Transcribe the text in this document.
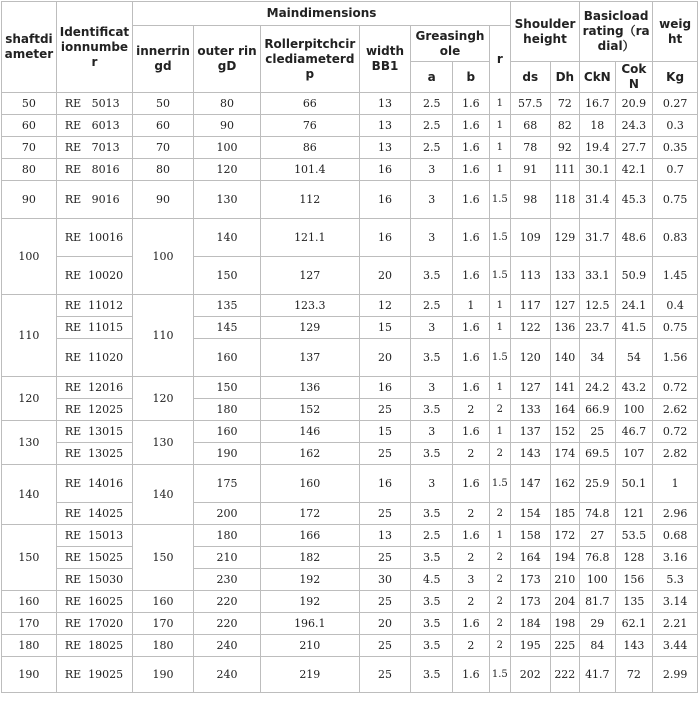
shaftdiameter	Identificationnumber	Maindimensions							Shoulderheight		Basicloadrating（radial）		weight
		innerringd	outer ringD	Rollerpitchcirclediameterdp	widthBB1	Greasinghole		r					
						a	b		ds	Dh	CkN	CokN	Kg
50	RE   5013	50	80	66	13	2.5	1.6	1	57.5	72	16.7	20.9	0.27
60	RE   6013	60	90	76	13	2.5	1.6	1	68	82	18	24.3	0.3
70	RE   7013	70	100	86	13	2.5	1.6	1	78	92	19.4	27.7	0.35
80	RE   8016	80	120	101.4	16	3	1.6	1	91	111	30.1	42.1	0.7
90	RE   9016	90	130	112	16	3	1.6	1.5	98	118	31.4	45.3	0.75
100	RE  10016	100	140	121.1	16	3	1.6	1.5	109	129	31.7	48.6	0.83
	RE  10020		150	127	20	3.5	1.6	1.5	113	133	33.1	50.9	1.45
110	RE  11012	110	135	123.3	12	2.5	1	1	117	127	12.5	24.1	0.4
	RE  11015		145	129	15	3	1.6	1	122	136	23.7	41.5	0.75
	RE  11020		160	137	20	3.5	1.6	1.5	120	140	34	54	1.56
120	RE  12016	120	150	136	16	3	1.6	1	127	141	24.2	43.2	0.72
	RE  12025		180	152	25	3.5	2	2	133	164	66.9	100	2.62
130	RE  13015	130	160	146	15	3	1.6	1	137	152	25	46.7	0.72
	RE  13025		190	162	25	3.5	2	2	143	174	69.5	107	2.82
140	RE  14016	140	175	160	16	3	1.6	1.5	147	162	25.9	50.1	1
	RE  14025		200	172	25	3.5	2	2	154	185	74.8	121	2.96
150	RE  15013	150	180	166	13	2.5	1.6	1	158	172	27	53.5	0.68
	RE  15025		210	182	25	3.5	2	2	164	194	76.8	128	3.16
	RE  15030		230	192	30	4.5	3	2	173	210	100	156	5.3
160	RE  16025	160	220	192	25	3.5	2	2	173	204	81.7	135	3.14
170	RE  17020	170	220	196.1	20	3.5	1.6	2	184	198	29	62.1	2.21
180	RE  18025	180	240	210	25	3.5	2	2	195	225	84	143	3.44
190	RE  19025	190	240	219	25	3.5	1.6	1.5	202	222	41.7	72	2.99
